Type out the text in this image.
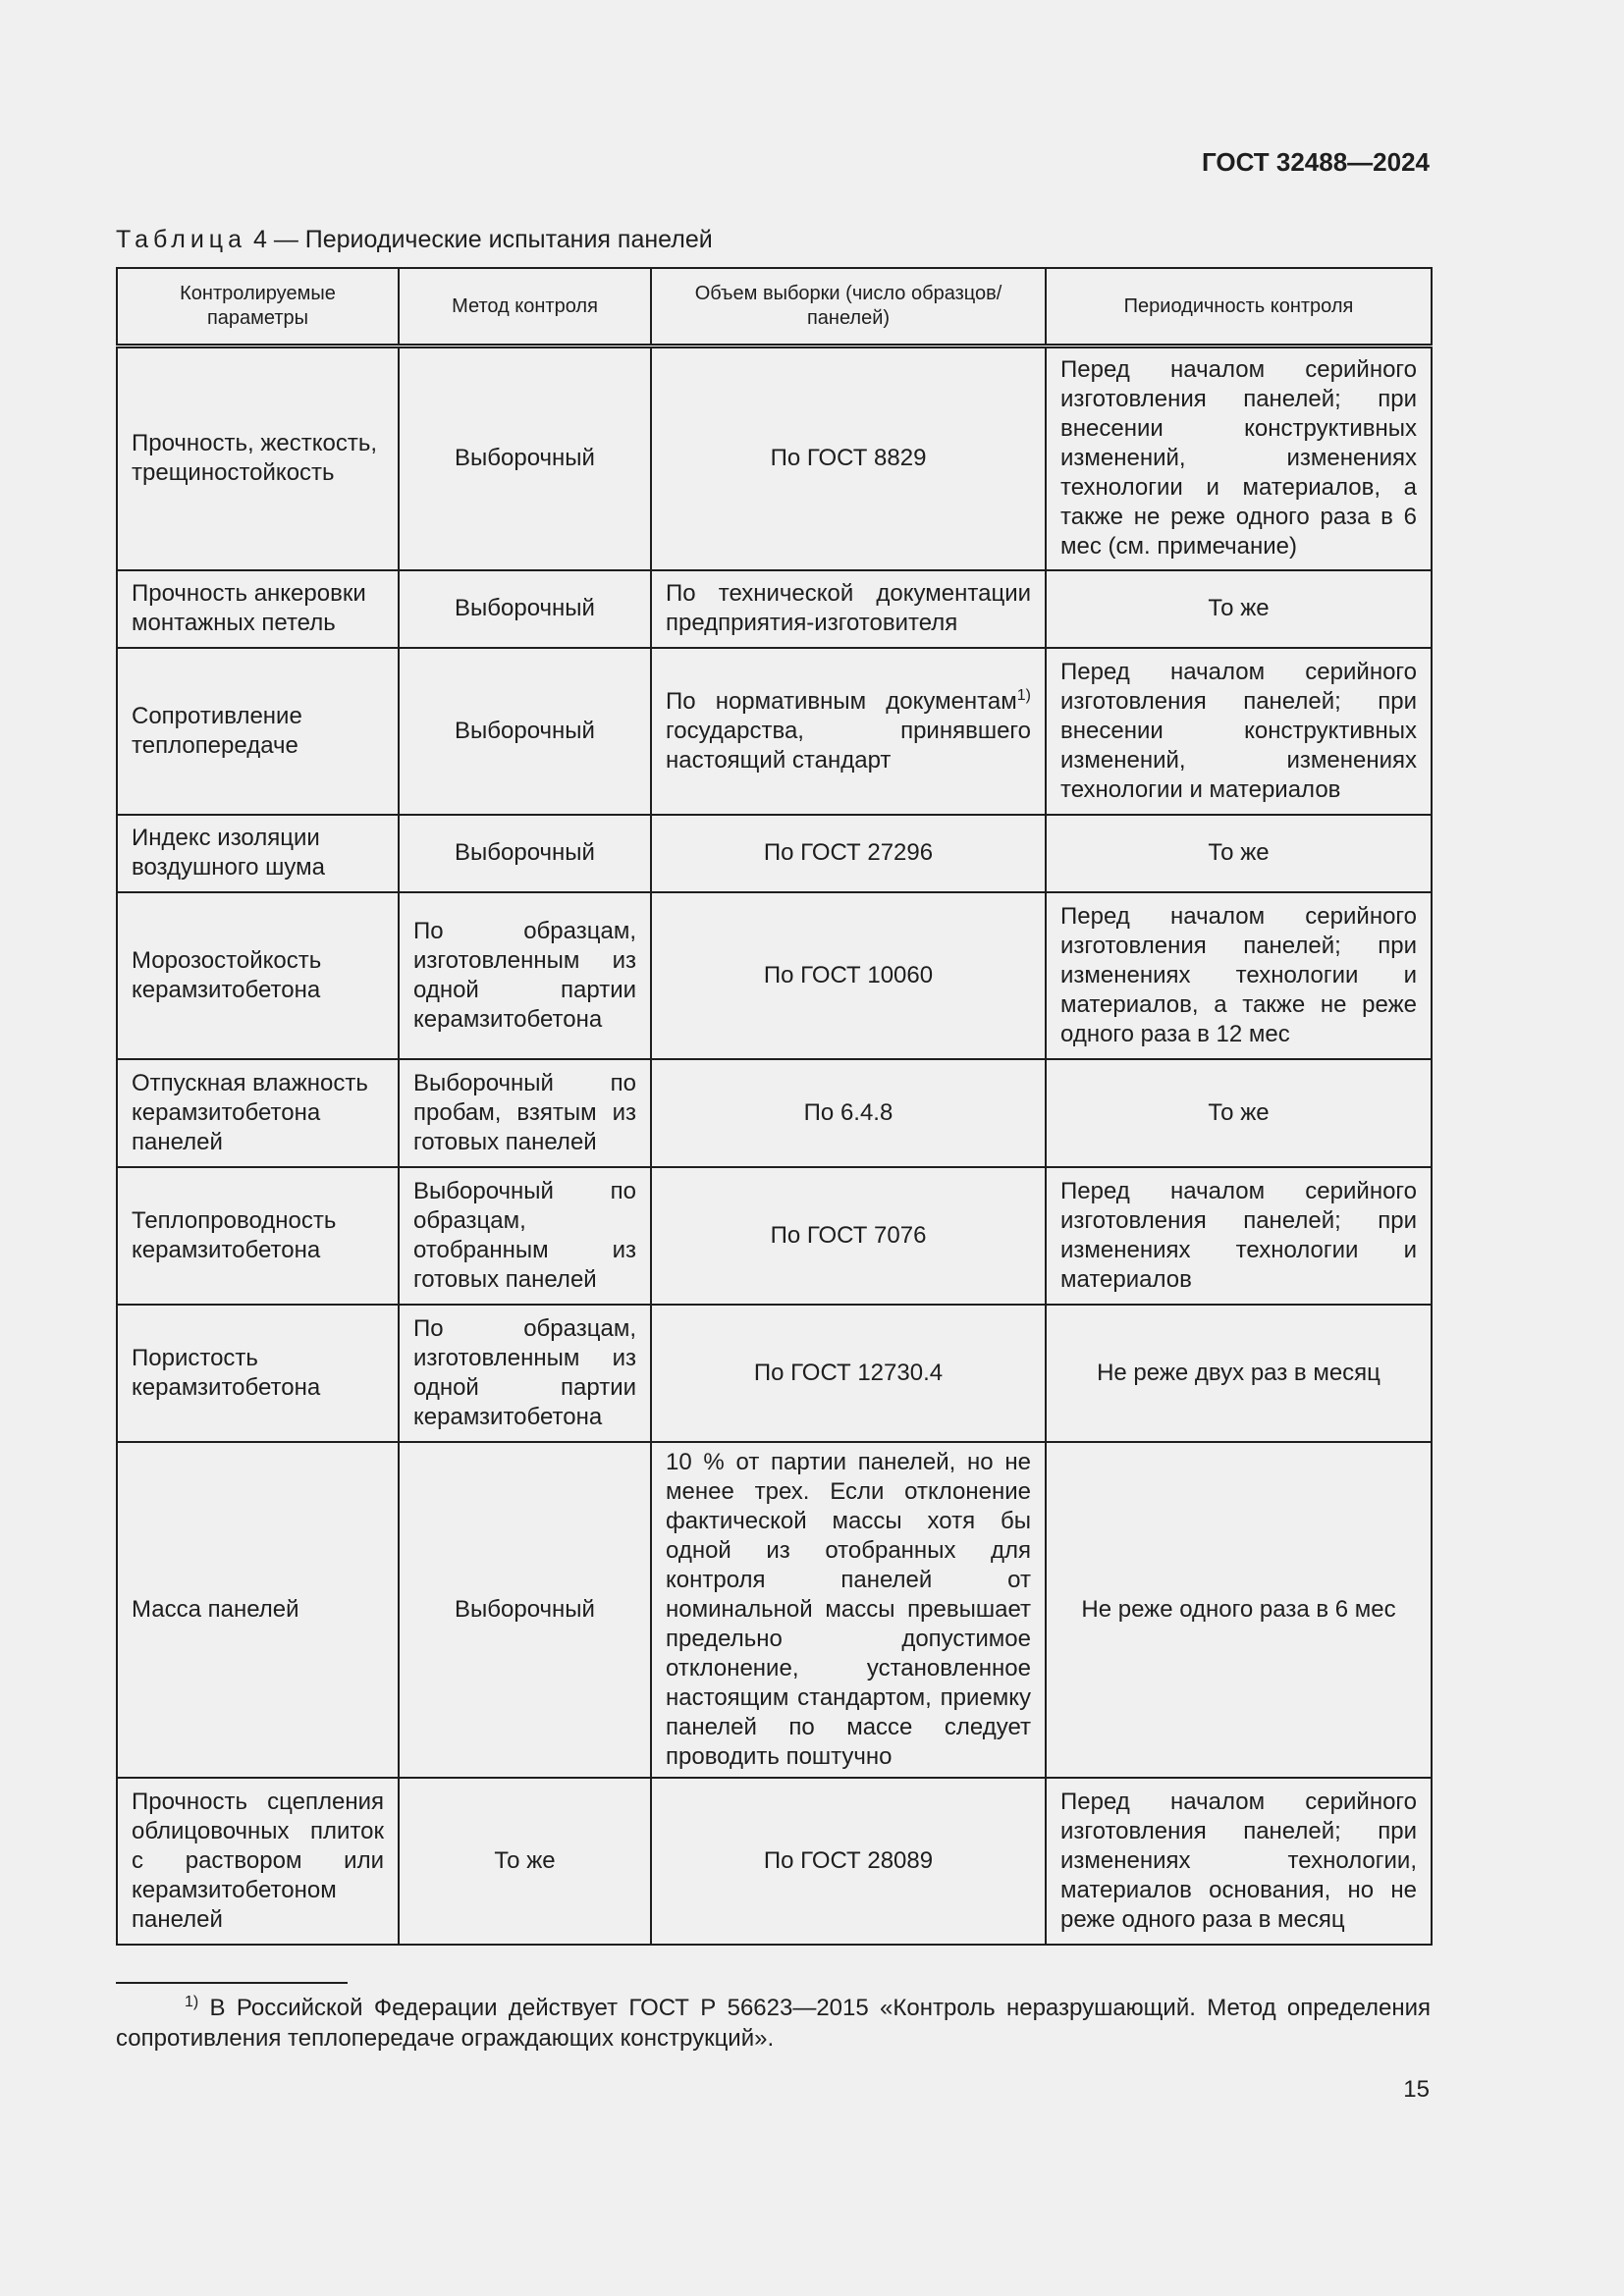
ГОСТ 32488—2024
Таблица 4 — Периодические испытания панелей
Контролируемые параметры	Метод контроля	Объем выборки (число образцов/панелей)	Периодичность контроля
Прочность, жесткость, трещиностойкость	Выборочный	По ГОСТ 8829	Перед началом серийного изготовления панелей; при внесении конструктивных изменений, изменениях технологии и материалов, а также не реже одного раза в 6 мес (см. примечание)
Прочность анкеровки монтажных петель	Выборочный	По технической документации предприятия-изготовителя	То же
Сопротивление теплопередаче	Выборочный	По нормативным документам$^{1)}$ государства, принявшего настоящий стандарт	Перед началом серийного изготовления панелей; при внесении конструктивных изменений, изменениях технологии и материалов
Индекс изоляции воздушного шума	Выборочный	По ГОСТ 27296	То же
Морозостойкость керамзитобетона	По образцам, изготовленным из одной партии керамзитобетона	По ГОСТ 10060	Перед началом серийного изготовления панелей; при изменениях технологии и материалов, а также не реже одного раза в 12 мес
Отпускная влажность керамзитобетона панелей	Выборочный по пробам, взятым из готовых панелей	По 6.4.8	То же
Теплопроводность керамзитобетона	Выборочный по образцам, отобранным из готовых панелей	По ГОСТ 7076	Перед началом серийного изготовления панелей; при изменениях технологии и материалов
Пористость керамзитобетона	По образцам, изготовленным из одной партии керамзитобетона	По ГОСТ 12730.4	Не реже двух раз в месяц
Масса панелей	Выборочный	10 % от партии панелей, но не менее трех. Если отклонение фактической массы хотя бы одной из отобранных для контроля панелей от номинальной массы превышает предельно допустимое отклонение, установленное настоящим стандартом, приемку панелей по массе следует проводить поштучно	Не реже одного раза в 6 мес
Прочность сцепления облицовочных плиток с раствором или керамзитобетоном панелей	То же	По ГОСТ 28089	Перед началом серийного изготовления панелей; при изменениях технологии, материалов основания, но не реже одного раза в месяц
$^{1)}$ В Российской Федерации действует ГОСТ Р 56623—2015 «Контроль неразрушающий. Метод определения сопротивления теплопередаче ограждающих конструкций».
15
